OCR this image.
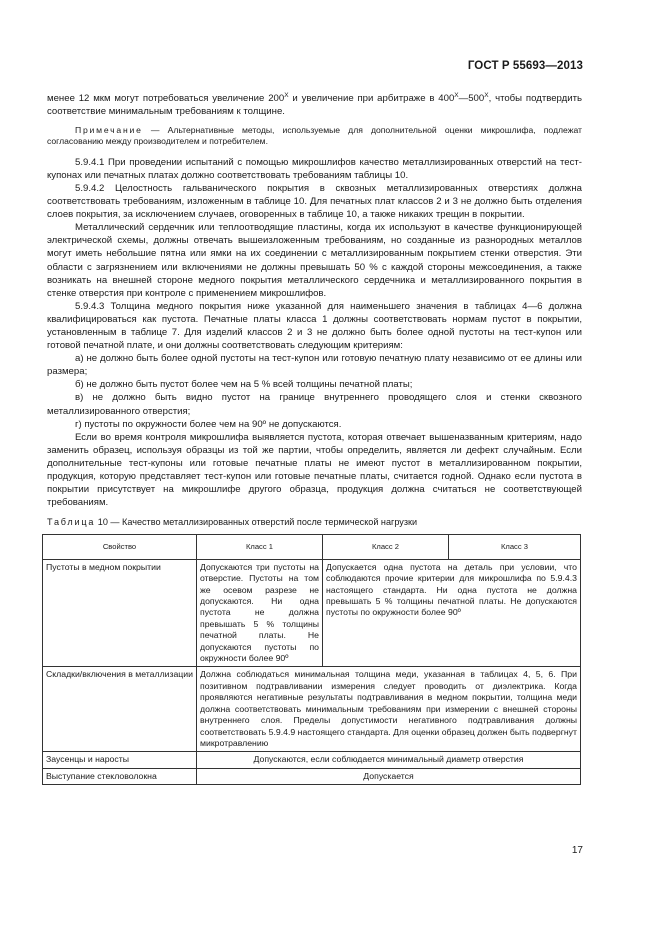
ГОСТ Р 55693—2013

менее 12 мкм могут потребоваться увеличение $200^X$ и увеличение при арбитраже в $400^X—500^X$, чтобы подтвердить соответствие минимальным требованиям к толщине.

Примечание — Альтернативные методы, используемые для дополнительной оценки микрошлифа, подлежат согласованию между производителем и потребителем.

5.9.4.1 При проведении испытаний с помощью микрошлифов качество металлизированных отверстий на тест-купонах или печатных платах должно соответствовать требованиям таблицы 10.

5.9.4.2 Целостность гальванического покрытия в сквозных металлизированных отверстиях должна соответствовать требованиям, изложенным в таблице 10. Для печатных плат классов 2 и 3 не должно быть отделения слоев покрытия, за исключением случаев, оговоренных в таблице 10, а также никаких трещин в покрытии.

Металлический сердечник или теплоотводящие пластины, когда их используют в качестве функционирующей электрической схемы, должны отвечать вышеизложенным требованиям, но созданные из разнородных металлов могут иметь небольшие пятна или ямки на их соединении с металлизированным покрытием стенки отверстия. Эти области с загрязнением или включениями не должны превышать 50 % с каждой стороны межсоединения, а также возникать на внешней стороне медного покрытия металлического сердечника и металлизированного покрытия в стенке отверстия при контроле с применением микрошлифов.

5.9.4.3 Толщина медного покрытия ниже указанной для наименьшего значения в таблицах 4—6 должна квалифицироваться как пустота. Печатные платы класса 1 должны соответствовать нормам пустот в покрытии, установленным в таблице 7. Для изделий классов 2 и 3 не должно быть более одной пустоты на тест-купон или готовой печатной плате, и они должны соответствовать следующим критериям:

а) не должно быть более одной пустоты на тест-купон или готовую печатную плату независимо от ее длины или размера;

б) не должно быть пустот более чем на 5 % всей толщины печатной платы;

в) не должно быть видно пустот на границе внутреннего проводящего слоя и стенки сквозного металлизированного отверстия;

г) пустоты по окружности более чем на 90º не допускаются.

Если во время контроля микрошлифа выявляется пустота, которая отвечает вышеназванным критериям, надо заменить образец, используя образцы из той же партии, чтобы определить, является ли дефект случайным. Если дополнительные тест-купоны или готовые печатные платы не имеют пустот в металлизированном покрытии, продукция, которую представляет тест-купон или готовые печатные платы, считается годной. Однако если пустота в покрытии присутствует на микрошлифе другого образца, продукция должна считаться не соответствующей требованиям.

Таблица 10 — Качество металлизированных отверстий после термической нагрузки

Свойство	Класс 1	Класс 2	Класс 3
Пустоты в медном покрытии	Допускаются три пустоты на отверстие. Пустоты на том же осевом разрезе не допускаются. Ни одна пустота не должна превышать 5 % толщины печатной платы. Не допускаются пустоты по окружности более 90º	Допускается одна пустота на деталь при условии, что соблюдаются прочие критерии для микрошлифа по 5.9.4.3 настоящего стандарта. Ни одна пустота не должна превышать 5 % толщины печатной платы. Не допускаются пустоты по окружности более 90º	
Складки/включения в металлизации	Должна соблюдаться минимальная толщина меди, указанная в таблицах 4, 5, 6. При позитивном подтравливании измерения следует проводить от диэлектрика. Когда проявляются негативные результаты подтравливания в медном покрытии, толщина меди должна соответствовать минимальным требованиям при измерении с внешней стороны внутреннего слоя. Пределы допустимости негативного подтравливания должны соответствовать 5.9.4.9 настоящего стандарта. Для оценки образец должен быть подвергнут микротравлению		
Заусенцы и наросты	Допускаются, если соблюдается минимальный диаметр отверстия		
Выступание стекловолокна	Допускается		
17
